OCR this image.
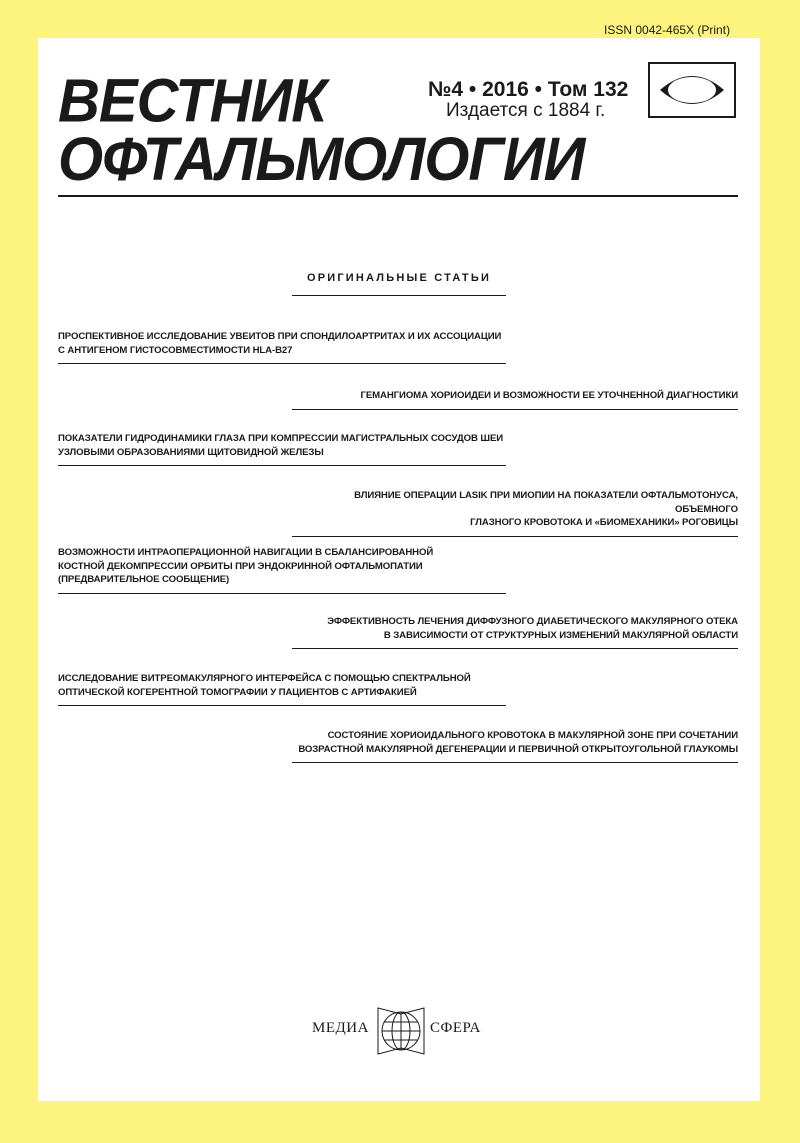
ISSN 0042-465X (Print)
ВЕСТНИК
ОФТАЛЬМОЛОГИИ
№4 • 2016 • Том 132
Издается с 1884 г.
ОРИГИНАЛЬНЫЕ СТАТЬИ
ПРОСПЕКТИВНОЕ ИССЛЕДОВАНИЕ УВЕИТОВ ПРИ СПОНДИЛОАРТРИТАХ И ИХ АССОЦИАЦИИ
С АНТИГЕНОМ ГИСТОСОВМЕСТИМОСТИ HLA-B27
ГЕМАНГИОМА ХОРИОИДЕИ И ВОЗМОЖНОСТИ ЕЕ УТОЧНЕННОЙ ДИАГНОСТИКИ
ПОКАЗАТЕЛИ ГИДРОДИНАМИКИ ГЛАЗА ПРИ КОМПРЕССИИ МАГИСТРАЛЬНЫХ СОСУДОВ ШЕИ
УЗЛОВЫМИ ОБРАЗОВАНИЯМИ ЩИТОВИДНОЙ ЖЕЛЕЗЫ
ВЛИЯНИЕ ОПЕРАЦИИ LASIK ПРИ МИОПИИ НА ПОКАЗАТЕЛИ ОФТАЛЬМОТОНУСА, ОБЪЕМНОГО
ГЛАЗНОГО КРОВОТОКА И «БИОМЕХАНИКИ» РОГОВИЦЫ
ВОЗМОЖНОСТИ ИНТРАОПЕРАЦИОННОЙ НАВИГАЦИИ В СБАЛАНСИРОВАННОЙ
КОСТНОЙ ДЕКОМПРЕССИИ ОРБИТЫ ПРИ ЭНДОКРИННОЙ ОФТАЛЬМОПАТИИ
(ПРЕДВАРИТЕЛЬНОЕ СООБЩЕНИЕ)
ЭФФЕКТИВНОСТЬ ЛЕЧЕНИЯ ДИФФУЗНОГО ДИАБЕТИЧЕСКОГО МАКУЛЯРНОГО ОТЕКА
В ЗАВИСИМОСТИ ОТ СТРУКТУРНЫХ ИЗМЕНЕНИЙ МАКУЛЯРНОЙ ОБЛАСТИ
ИССЛЕДОВАНИЕ ВИТРЕОМАКУЛЯРНОГО ИНТЕРФЕЙСА С ПОМОЩЬЮ СПЕКТРАЛЬНОЙ
ОПТИЧЕСКОЙ КОГЕРЕНТНОЙ ТОМОГРАФИИ У ПАЦИЕНТОВ С АРТИФАКИЕЙ
СОСТОЯНИЕ ХОРИОИДАЛЬНОГО КРОВОТОКА В МАКУЛЯРНОЙ ЗОНЕ ПРИ СОЧЕТАНИИ
ВОЗРАСТНОЙ МАКУЛЯРНОЙ ДЕГЕНЕРАЦИИ И ПЕРВИЧНОЙ ОТКРЫТОУГОЛЬНОЙ ГЛАУКОМЫ
МЕДИА	СФЕРА
